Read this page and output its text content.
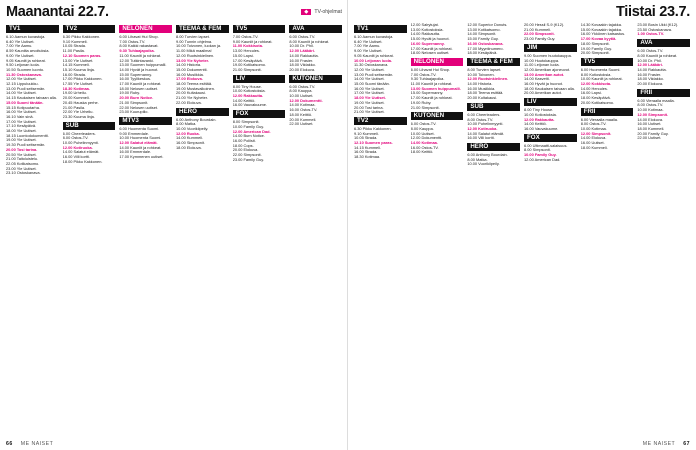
Maanantai 22.7.	◆ TV-ohjelmat
TV1
6.10 Aamun kuvastoja.
6.40 Yle Uutiset.
7.00 Yle Aamu.
8.59 Kauniita arvoituksia.
9.00 Yle Uutiset.
9.05 Kauniit ja rohkeat.
9.50 Leijonan luola.
10.50 Suomen luonto.
11.30 Ostoskanava.
12.00 Yle Uutiset.
12.15 Lippuluukku.
13.00 Puoli seitsemän.
14.00 Yle Uutiset.
14.15 Kaukaisen taivaan alla.
15.00 Suomi tänään.
15.15 Kotipuutarha.
16.00 Yle Uutiset.
16.10 Vain sinä.
17.00 Yle Uutiset.
17.10 Kesäpäivä.
18.00 Yle Uutiset.
18.15 Luontodokumentti.
19.00 Yle Uutiset.
19.30 Puoli seitsemän.
20.00 Tosi tarina.
20.50 Yle Uutiset.
21.00 Taitoluistelu.
22.05 Kotikatsomo.
23.00 Yle Uutiset.
23.10 Ostoskanava.
TV2
6.30 Pikku Kakkonen.
9.10 Kummeli.
10.05 Strada.
11.00 Pasila.
12.10 Suomen paras.
13.00 Yle Uutiset.
14.15 Kummeli.
15.10 Kuuma linja.
16.00 Strada.
17.00 Pikku Kakkonen.
17.55 Yle Uutiset.
18.30 Kotimaa.
19.00 Urheilu.
20.00 Kummeli.
20.45 Hauska perhe.
21.00 Pasila.
22.00 Yle Urheilu.
23.30 Kuuma linja.
SUB
6.00 Cheerleaders.
8.00 Ostos-TV.
10.00 Puhelinmyynti.
12.00 Kotiruoka.
14.00 Salatut elämät.
16.00 Villi kortti.
18.00 Pikku Kakkonen.
NELONEN
6.00 Lihavat Hui Shop.
7.00 Ostos-TV.
8.00 Kaikki rakastavat.
9.30 Tuhlaajapoika.
11.00 Kauniit ja rohkeat.
12.00 Tutkintavanki.
13.00 Suomen huippumalli.
14.00 Hyvät ja huonot.
15.00 Supernanny.
16.00 Tyylikeskus.
17.00 Kauniit ja rohkeat.
18.00 Nelosen uutiset.
19.00 Ruby.
20.00 Burn Notice.
21.00 Simpsonit.
22.00 Nelosen uutiset.
23.00 Kuurupiilo.
MTV3
6.00 Huomenta Suomi.
9.00 Emmerdale.
10.00 Huomenta Suomi.
12.00 Salatut elämät.
14.00 Kauniit ja rohkeat.
16.00 Emmerdale.
17.00 Kymmenen uutiset.
TEEMA & FEM
8.00 Turvien lapset.
9.00 Tunnin ohjelma.
10.00 Toivonen, luokan ja.
11.00 Mikä maailma!
12.00 Ruotsinkielinen.
13.00 Yle Nyheter.
14.00 Historia.
15.00 Dokumentti.
16.00 Musiikkia.
17.00 Elokuva.
18.00 Teema esittää.
19.00 Mustavalkoinen.
20.00 Kultakausi.
21.00 Yle Nyheter.
22.00 Elokuva.
HERO
6.00 Anthony Bourdain.
8.00 Matka.
10.00 Vuorikiipeily.
12.00 Ruoka.
14.00 Kummeli.
16.00 Simpsonit.
18.00 Elokuva.
TV5
7.00 Ostos-TV.
9.00 Kauniit ja rohkeat.
11.00 Kokkisota.
13.00 Hercules.
15.00 Lapsi.
17.00 Kesäpäivä.
19.00 Kotikatsomo.
21.00 Simpsonit.
LIV
8.00 Tiny House.
10.00 Kotiostoksia.
12.00 Rakkautta.
14.00 Keittiö.
16.00 Vauvakuume.
FOX
8.00 Simpsonit.
10.00 Family Guy.
12.00 American Dad.
14.00 Burn Notice.
16.00 Poliisit.
18.00 Cops.
20.00 Elokuva.
22.00 Simpsonit.
23.00 Family Guy.
AVA
6.00 Ostos-TV.
8.00 Kauniit ja rohkeat.
10.00 Dr. Phil.
12.00 Lääkäri.
14.00 Rakkautta.
16.00 Frasier.
18.00 Viidakko.
20.00 Elokuva.
KUTONEN
6.00 Ostos-TV.
8.00 Kauppa.
10.00 Uutiset.
12.00 Dokumentti.
14.00 Kotimaa.
16.00 Ostos-TV.
18.00 Keittiö.
20.00 Kummeli.
22.00 Uutiset.
66 ME NAISET
Tiistai 23.7.
TV1
6.10 Aamun kuvastoja.
6.40 Yle Uutiset.
7.00 Yle Aamu.
9.00 Yle Uutiset.
9.05 Kauniit ja rohkeat.
10.00 Leijonan luola.
11.30 Ostoskanava.
12.00 Yle Uutiset.
13.00 Puoli seitsemän.
14.00 Yle Uutiset.
15.00 Suomi tänään.
16.00 Yle Uutiset.
17.00 Yle Uutiset.
18.00 Yle Uutiset.
19.00 Yle Uutiset.
20.00 Tosi tarina.
21.00 Yle Uutiset.
TV2
6.30 Pikku Kakkonen.
9.10 Kummeli.
10.05 Strada.
12.10 Suomen paras.
14.15 Kummeli.
16.00 Strada.
18.30 Kotimaa.
12.00 Salrytujat.
13.00 Kotiostoksia.
14.00 Rakkautta.
15.00 Hyvät ja huonot.
16.00 Supernanny.
17.00 Kauniit ja rohkeat.
18.00 Nelosen uutiset.
NELONEN
6.00 Lihavat Hui Shop.
7.00 Ostos-TV.
9.30 Tuhlaajapoika.
11.00 Kauniit ja rohkeat.
13.00 Suomen huippumalli.
15.00 Supernanny.
17.00 Kauniit ja rohkeat.
19.00 Ruby.
21.00 Simpsonit.
KUTONEN
6.00 Ostos-TV.
8.00 Kauppa.
10.00 Uutiset.
12.00 Dokumentti.
14.00 Kotimaa.
16.00 Ostos-TV.
18.00 Keittiö.
12.00 Superior Donuts.
13.00 Kotikatsomo.
14.00 Simpsonit.
15.00 Family Guy.
16.00 Ostoskanava.
17.00 Myyntinumero.
18.00 Kesäpäivä.
TEEMA & FEM
8.00 Turvien lapset.
10.00 Toivonen.
12.00 Ruotsinkielinen.
14.00 Historia.
16.00 Musiikkia.
18.00 Teema esittää.
20.00 Kultakausi.
SUB
6.00 Cheerleaders.
8.00 Ostos-TV.
10.00 Puhelinmyynti.
12.00 Kotiruoka.
14.00 Salatut elämät.
16.00 Villi kortti.
HERO
6.00 Anthony Bourdain.
8.00 Matka.
10.00 Vuorikiipeily.
20.00 Hessil S-9 (K12).
21.00 Kummeli.
22.00 Simpsonit.
23.00 Family Guy.
JIM
9.00 Suomen huutokauppa.
10.00 Huutokauppa.
11.00 Leijonan luola.
12.00 Amerikan ajoneuvot.
13.00 Amerikan autot.
14.00 Kasvetti.
16.00 Hyvät ja huonot.
18.00 Kaukaisen taivaan alla.
20.00 Amerikan autot.
LIV
8.00 Tiny House.
10.00 Kotiostoksia.
12.00 Rakkautta.
14.00 Keittiö.
16.00 Vauvakuume.
FOX
6.00 Ultimaatti-salaisuus.
8.00 Simpsonit.
10.00 Family Guy.
12.00 American Dad.
14.30 Kovaakin tajakka.
15.00 Kovaakin tajakka.
16.00 Ykkönen katsastus.
17.00 Kovaa kyytiä.
18.00 Simpsonit.
19.00 Family Guy.
20.00 Simpsonit.
TV5
6.00 Huomenta Suomi.
8.00 Kotiostoksia.
10.00 Kauniit ja rohkeat.
12.00 Kokkisota.
14.00 Hercules.
16.00 Lapsi.
18.00 Kesäpäivä.
20.00 Kotikatsomo.
FRII
6.00 Vieraalla maalla.
8.00 Ostos-TV.
10.00 Kotimaa.
12.00 Simpsonit.
14.00 Elokuva.
16.00 Uutiset.
18.00 Kummeli.
23.00 Bosin Ukki (K12).
23.50 Ostoskanava.
1.00 Ostos-TV.
AVA
6.00 Ostos-TV.
8.00 Kauniit ja rohkeat.
10.00 Dr. Phil.
12.00 Lääkäri.
14.00 Rakkautta.
16.00 Frasier.
18.00 Viidakko.
20.00 Elokuva.
FRII
6.00 Vieraalla maalla.
8.00 Ostos-TV.
10.00 Kotimaa.
12.00 Simpsonit.
14.00 Elokuva.
16.00 Uutiset.
18.00 Kummeli.
20.00 Family Guy.
22.00 Uutiset.
ME NAISET 67
